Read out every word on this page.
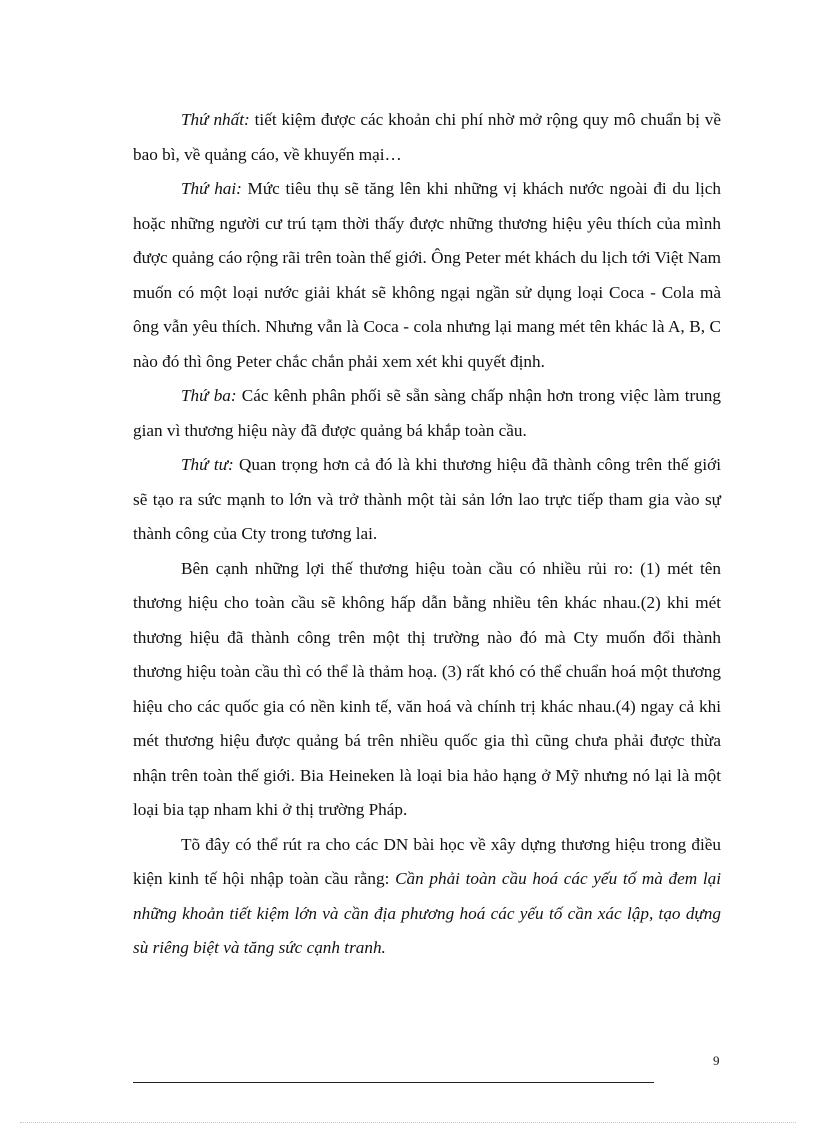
Thứ nhất: tiết kiệm được các khoản chi phí nhờ mở rộng quy mô chuẩn bị về bao bì, về quảng cáo, về khuyến mại…

Thứ hai: Mức tiêu thụ sẽ tăng lên khi những vị khách nước ngoài đi du lịch hoặc những người cư trú tạm thời thấy được những thương hiệu yêu thích của mình được quảng cáo rộng rãi trên toàn thế giới. Ông Peter mét khách du lịch tới Việt Nam muốn có một loại nước giải khát sẽ không ngại ngần sử dụng loại Coca - Cola mà ông vẫn yêu thích. Nhưng vẫn là Coca - cola nhưng lại mang mét tên khác là A, B, C nào đó thì ông Peter chắc chắn phải xem xét khi quyết định.

Thứ ba: Các kênh phân phối sẽ sẵn sàng chấp nhận hơn trong việc làm trung gian vì thương hiệu này đã được quảng bá khắp toàn cầu.

Thứ tư: Quan trọng hơn cả đó là khi thương hiệu đã thành công trên thế giới sẽ tạo ra sức mạnh to lớn và trở thành một tài sản lớn lao trực tiếp tham gia vào sự thành công của Cty trong tương lai.

Bên cạnh những lợi thế thương hiệu toàn cầu có nhiều rủi ro: (1) mét tên thương hiệu cho toàn cầu sẽ không hấp dẫn bằng nhiều tên khác nhau.(2) khi mét thương hiệu đã thành công trên một thị trường nào đó mà Cty muốn đổi thành thương hiệu toàn cầu thì có thể là thảm hoạ. (3) rất khó có thể chuẩn hoá một thương hiệu cho các quốc gia có nền kinh tế, văn hoá và chính trị khác nhau.(4) ngay cả khi mét thương hiệu được quảng bá trên nhiều quốc gia thì cũng chưa phải được thừa nhận trên toàn thế giới. Bia Heineken là loại bia hảo hạng ở Mỹ nhưng nó lại là một loại bia tạp nham khi ở thị trường Pháp.

Tõ đây có thể rút ra cho các DN bài học về xây dựng thương hiệu trong điều kiện kinh tế hội nhập toàn cầu rằng: Cần phải toàn cầu hoá các yếu tố mà đem lại những khoản tiết kiệm lớn và cần địa phương hoá các yếu tố cần xác lập, tạo dựng sù riêng biệt và tăng sức cạnh tranh.

9
